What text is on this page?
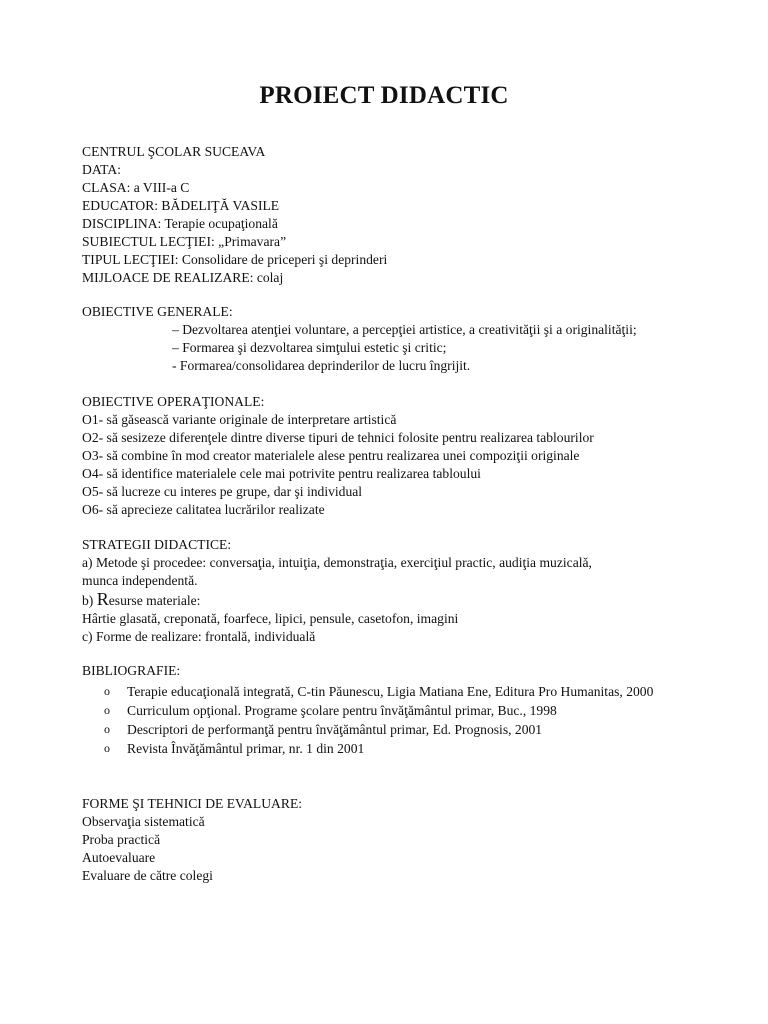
PROIECT DIDACTIC
CENTRUL ŞCOLAR SUCEAVA
DATA:
CLASA: a VIII-a C
EDUCATOR: BĂDELIŢĂ VASILE
DISCIPLINA: Terapie ocupaţională
SUBIECTUL LECŢIEI: „Primavara”
TIPUL LECŢIEI: Consolidare de priceperi şi deprinderi
MIJLOACE DE REALIZARE: colaj
OBIECTIVE GENERALE:
– Dezvoltarea atenţiei voluntare, a percepţiei artistice, a creativităţii şi a originalităţii;
– Formarea şi dezvoltarea simţului estetic şi critic;
- Formarea/consolidarea deprinderilor de lucru îngrijit.
OBIECTIVE OPERAŢIONALE:
O1- să găsească variante originale de interpretare artistică
O2- să sesizeze diferenţele dintre diverse tipuri de tehnici folosite pentru realizarea tablourilor
O3- să combine în mod creator materialele alese pentru realizarea unei compoziţii originale
O4- să identifice materialele cele mai potrivite pentru realizarea tabloului
O5- să lucreze cu interes pe grupe, dar şi individual
O6- să aprecieze calitatea lucrărilor realizate
STRATEGII DIDACTICE:
a) Metode şi procedee: conversaţia, intuiţia, demonstraţia, exerciţiul practic, audiţia muzicală,
munca independentă.
b) Resurse materiale:
Hârtie glasată, creponată, foarfece, lipici, pensule, casetofon, imagini
c) Forme de realizare: frontală, individuală
BIBLIOGRAFIE:
o Terapie educaţională integrată, C-tin Păunescu, Ligia Matiana Ene, Editura Pro Humanitas, 2000
o Curriculum opţional. Programe şcolare pentru învăţământul primar, Buc., 1998
o Descriptori de performanţă pentru învăţământul primar, Ed. Prognosis, 2001
o Revista Învăţământul primar, nr. 1 din 2001
FORME ŞI TEHNICI DE EVALUARE:
Observaţia sistematică
Proba practică
Autoevaluare
Evaluare de către colegi
